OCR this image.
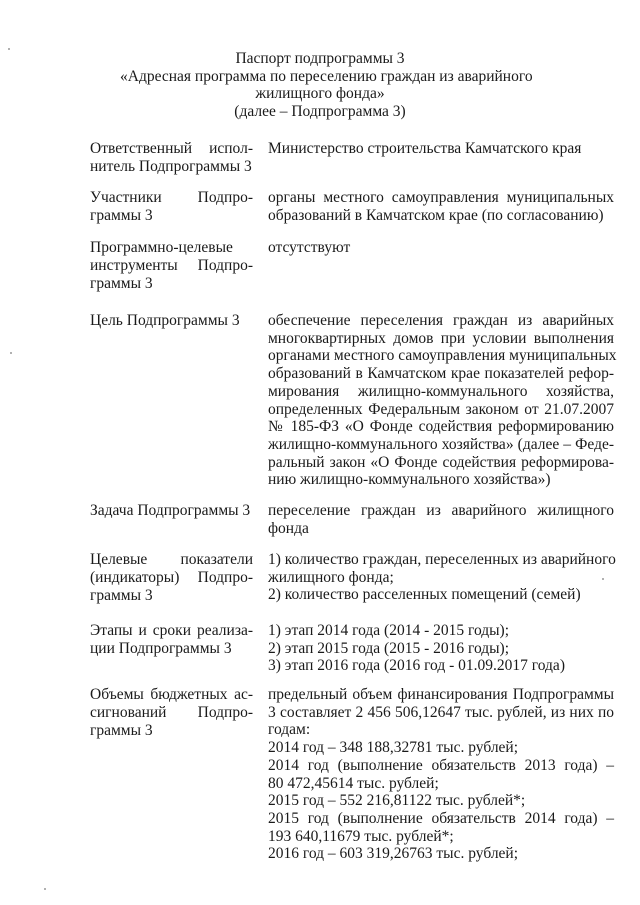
Паспорт подпрограммы 3
«Адресная программа по переселению граждан из аварийного
жилищного фонда»
(далее – Подпрограмма 3)
Ответственный испол-
нитель Подпрограммы 3
Министерство строительства Камчатского края
Участники Подпро-
граммы 3
органы местного самоуправления муниципальных
образований в Камчатском крае (по согласованию)
Программно-целевые
инструменты Подпро-
граммы 3
отсутствуют
Цель Подпрограммы 3	обеспечение переселения граждан из аварийных
многоквартирных домов при условии выполнения
органами местного самоуправления муниципальных
образований в Камчатском крае показателей рефор-
мирования жилищно-коммунального хозяйства,
определенных Федеральным законом от 21.07.2007
№ 185-ФЗ «О Фонде содействия реформированию
жилищно-коммунального хозяйства» (далее – Феде-
ральный закон «О Фонде содействия реформирова-
нию жилищно-коммунального хозяйства»)
Задача Подпрограммы 3 переселение граждан из аварийного жилищного
фонда
Целевые показатели
(индикаторы) Подпро-
граммы 3
1) количество граждан, переселенных из аварийного
жилищного фонда;
2) количество расселенных помещений (семей)
Этапы и сроки реализа-
ции Подпрограммы 3
1) этап 2014 года (2014 - 2015 годы);
2) этап 2015 года (2015 - 2016 годы);
3) этап 2016 года (2016 год - 01.09.2017 года)
Объемы бюджетных ас-
сигнований Подпро-
граммы 3
предельный объем финансирования Подпрограммы
3 составляет 2 456 506,12647 тыс. рублей, из них по
годам:
2014 год – 348 188,32781 тыс. рублей;
2014 год (выполнение обязательств 2013 года) –
80 472,45614 тыс. рублей;
2015 год – 552 216,81122 тыс. рублей*;
2015 год (выполнение обязательств 2014 года) –
193 640,11679 тыс. рублей*;
2016 год – 603 319,26763 тыс. рублей;
